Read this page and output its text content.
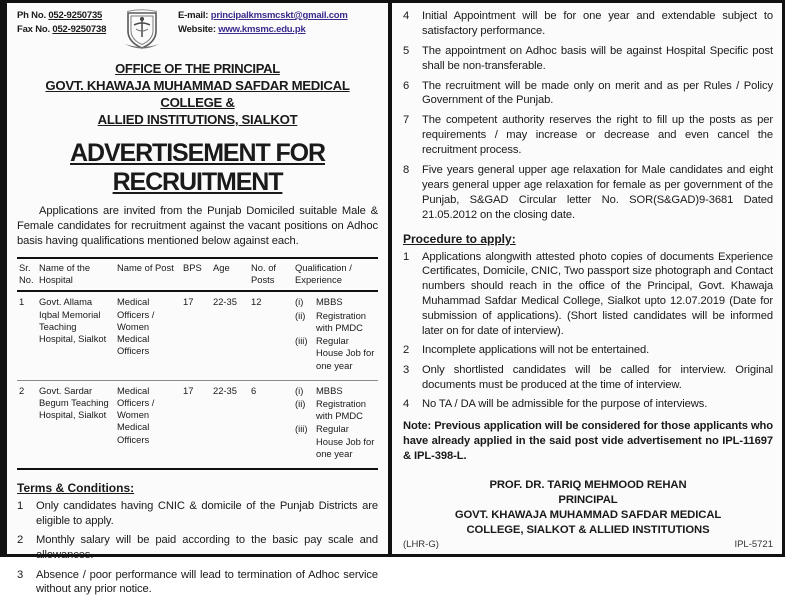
Ph No. 052-9250735
Fax No. 052-9250738
E-mail: principalkmsmcskt@gmail.com
Website: www.kmsmc.edu.pk
OFFICE OF THE PRINCIPAL
GOVT. KHAWAJA MUHAMMAD SAFDAR MEDICAL COLLEGE &
ALLIED INSTITUTIONS, SIALKOT
ADVERTISEMENT FOR RECRUITMENT
Applications are invited from the Punjab Domiciled suitable Male & Female candidates for recruitment against the vacant positions on Adhoc basis having qualifications mentioned below against each.
Sr. No.	Name of the Hospital	Name of Post	BPS	Age	No. of Posts	Qualification / Experience
1	Govt. Allama Iqbal Memorial Teaching Hospital, Sialkot	Medical Officers / Women Medical Officers	17	22-35	12	(i)	MBBS
(ii)	Registration with PMDC
(iii) Regular House Job for one year

2	Govt. Sardar Begum Teaching Hospital, Sialkot	Medical Officers / Women Medical Officers	17	22-35	6	(i)	MBBS
(ii)	Registration with PMDC
(iii) Regular House Job for one year
Terms & Conditions:
1	Only candidates having CNIC & domicile of the Punjab Districts are eligible to apply.
2	Monthly salary will be paid according to the basic pay scale and allowances.
3	Absence / poor performance will lead to termination of Adhoc service without any prior notice.
4	Initial Appointment will be for one year and extendable subject to satisfactory performance.
5	The appointment on Adhoc basis will be against Hospital Specific post shall be non-transferable.
6	The recruitment will be made only on merit and as per Rules / Policy Government of the Punjab.
7	The competent authority reserves the right to fill up the posts as per requirements / may increase or decrease and even cancel the recruitment process.
8	Five years general upper age relaxation for Male candidates and eight years general upper age relaxation for female as per government of the Punjab, S&GAD Circular letter No. SOR(S&GAD)9-3681 Dated 21.05.2012 on the closing date.
Procedure to apply:
1	Applications alongwith attested photo copies of documents Experience Certificates, Domicile, CNIC, Two passport size photograph and Contact numbers should reach in the office of the Principal, Govt. Khawaja Muhammad Safdar Medical College, Sialkot upto 12.07.2019 (Date for submission of applications). (Short listed candidates will be informed later on for date of interview).
2	Incomplete applications will not be entertained.
3	Only shortlisted candidates will be called for interview. Original documents must be produced at the time of interview.
4	No TA / DA will be admissible for the purpose of interviews.
Note: Previous application will be considered for those applicants who have already applied in the said post vide advertisement no IPL-11697 & IPL-398-L.
PROF. DR. TARIQ MEHMOOD REHAN
PRINCIPAL
GOVT. KHAWAJA MUHAMMAD SAFDAR MEDICAL
COLLEGE, SIALKOT & ALLIED INSTITUTIONS
(LHR-G)	IPL-5721
